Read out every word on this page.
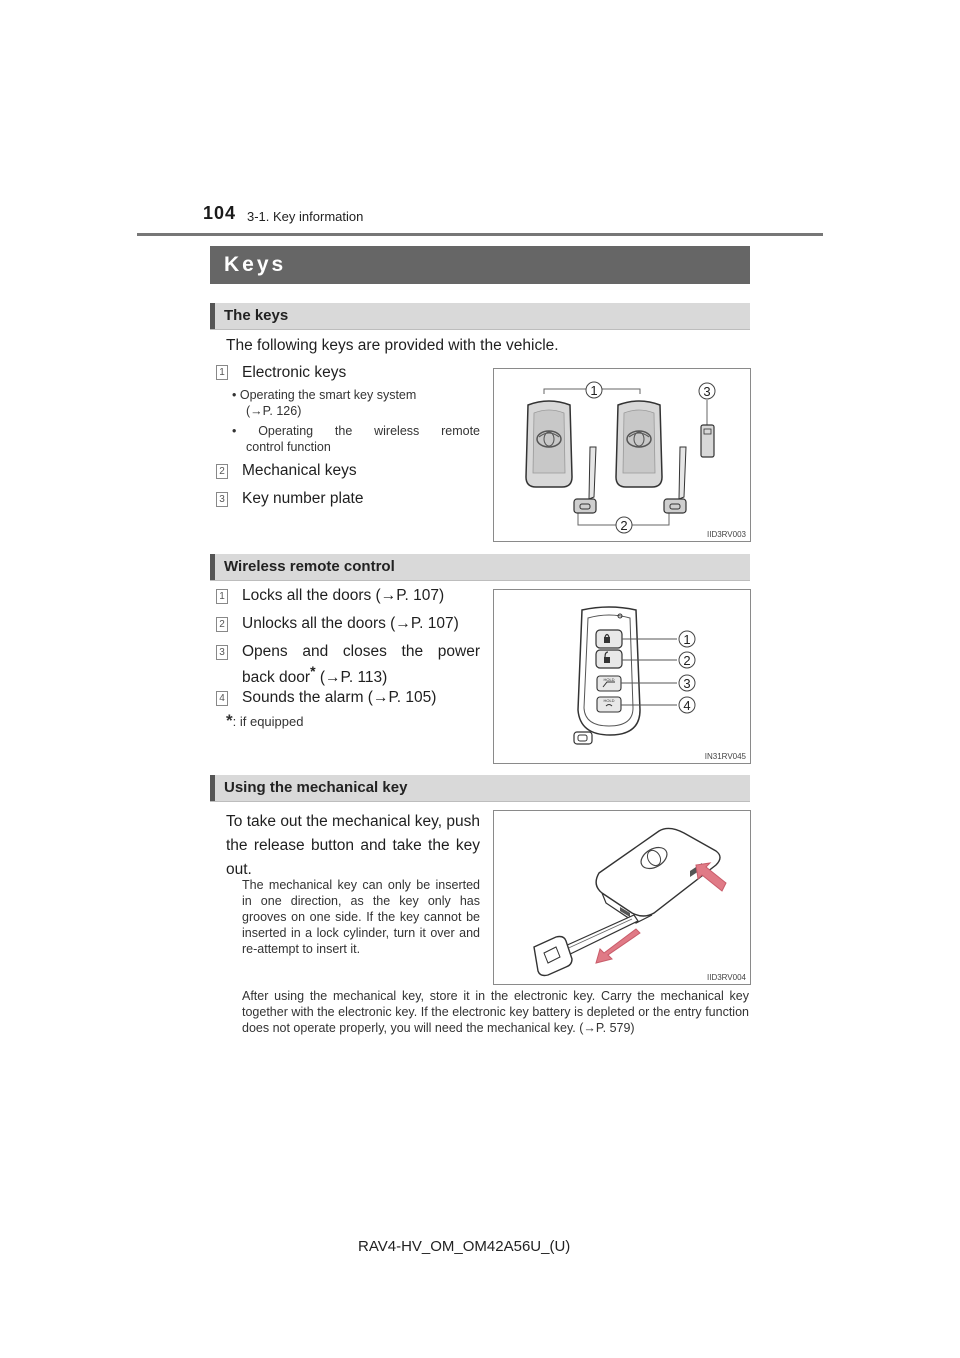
104 3-1. Key information
Keys
The keys
The following keys are provided with the vehicle.
1 Electronic keys
• Operating the smart key system
(→P. 126)
• Operating the wireless remote
control function
2 Mechanical keys
3 Key number plate
1	3
2
IID3RV003
Wireless remote control
1 Locks all the doors (→P. 107)
2 Unlocks all the doors (→P. 107)
3 Opens and closes the power
back door* (→P. 113)
4 Sounds the alarm (→P. 105)
*: if equipped
HOLD
HOLD
1
2
3
4
IN31RV045
Using the mechanical key
To take out the mechanical key, push the release button and take the key out.
The mechanical key can only be inserted in one direction, as the key only has grooves on one side. If the key cannot be inserted in a lock cylinder, turn it over and re-attempt to insert it.
IID3RV004
After using the mechanical key, store it in the electronic key. Carry the mechanical key together with the electronic key. If the electronic key battery is depleted or the entry function does not operate properly, you will need the mechanical key. (→P. 579)
RAV4-HV_OM_OM42A56U_(U)
